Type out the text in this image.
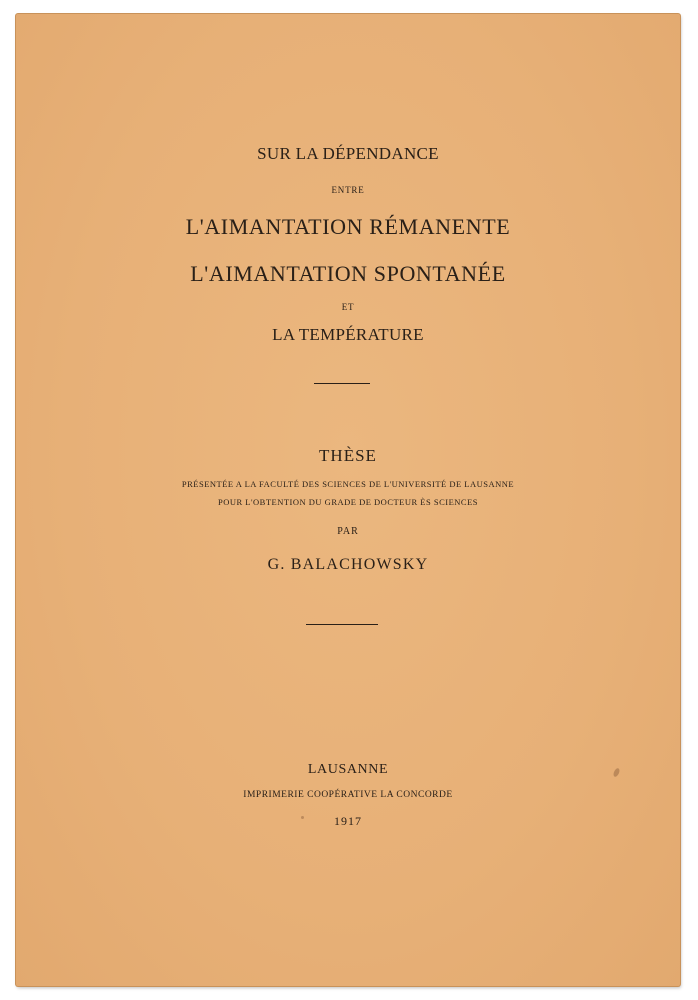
SUR LA DÉPENDANCE
ENTRE
L'AIMANTATION RÉMANENTE
L'AIMANTATION SPONTANÉE
ET
LA TEMPÉRATURE
THÈSE
PRÉSENTÉE A LA FACULTÉ DES SCIENCES DE L'UNIVERSITÉ DE LAUSANNE
POUR L'OBTENTION DU GRADE DE DOCTEUR ÈS SCIENCES
PAR
G. BALACHOWSKY
LAUSANNE
IMPRIMERIE COOPÉRATIVE LA CONCORDE
1917
